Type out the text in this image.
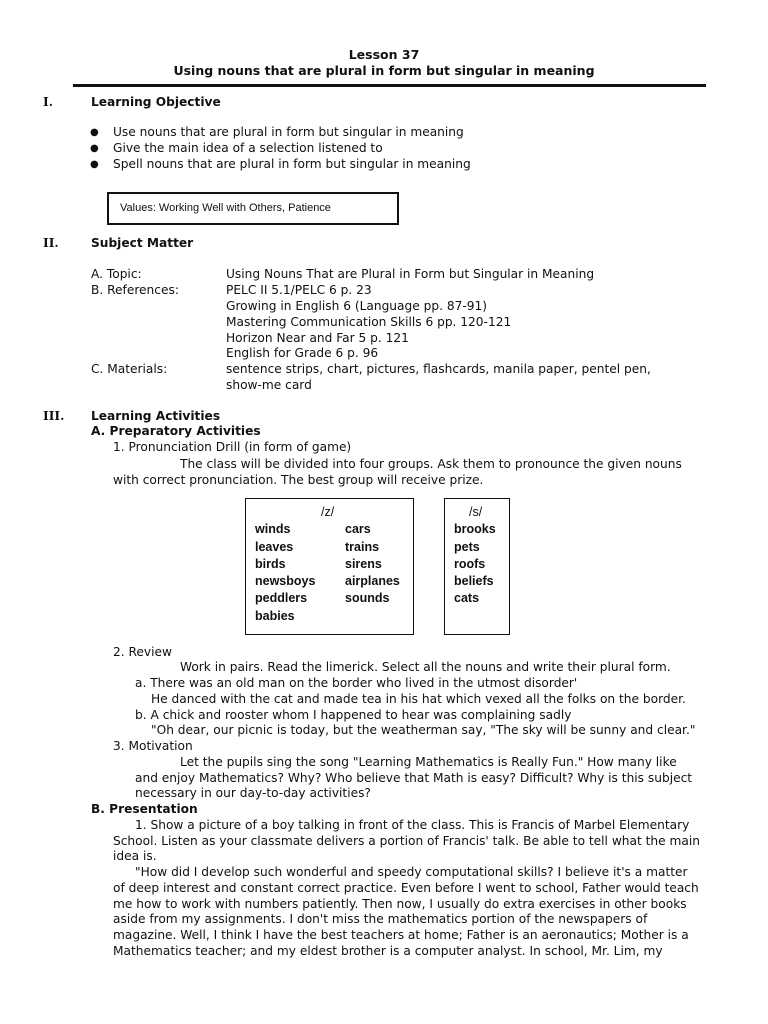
Lesson 37
Using nouns that are plural in form but singular in meaning
I.	Learning Objective
● Use nouns that are plural in form but singular in meaning
● Give the main idea of a selection listened to
● Spell nouns that are plural in form but singular in meaning
Values: Working Well with Others, Patience
II.	Subject Matter
A. Topic:	Using Nouns That are Plural in Form but Singular in Meaning
B. References:	PELC II 5.1/PELC 6 p. 23
Growing in English 6 (Language pp. 87-91)
Mastering Communication Skills 6 pp. 120-121
Horizon Near and Far 5 p. 121
English for Grade 6 p. 96
C. Materials:	sentence strips, chart, pictures, flashcards, manila paper, pentel pen,
show-me card
III. Learning Activities
A. Preparatory Activities
1. Pronunciation Drill (in form of game)
The class will be divided into four groups. Ask them to pronounce the given nouns
with correct pronunciation. The best group will receive prize.
/z/
winds
leaves
birds
newsboys
peddlers
babies
cars
trains
sirens
airplanes
sounds
/s/
brooks
pets
roofs
beliefs
cats
2. Review
Work in pairs. Read the limerick. Select all the nouns and write their plural form.
a. There was an old man on the border who lived in the utmost disorder'
He danced with the cat and made tea in his hat which vexed all the folks on the border.
b. A chick and rooster whom I happened to hear was complaining sadly
"Oh dear, our picnic is today, but the weatherman say, "The sky will be sunny and clear."
3. Motivation
Let the pupils sing the song "Learning Mathematics is Really Fun." How many like
and enjoy Mathematics? Why? Who believe that Math is easy? Difficult? Why is this subject
necessary in our day-to-day activities?
B. Presentation
1. Show a picture of a boy talking in front of the class. This is Francis of Marbel Elementary
School. Listen as your classmate delivers a portion of Francis' talk. Be able to tell what the main
idea is.
"How did I develop such wonderful and speedy computational skills? I believe it's a matter
of deep interest and constant correct practice. Even before I went to school, Father would teach
me how to work with numbers patiently. Then now, I usually do extra exercises in other books
aside from my assignments. I don't miss the mathematics portion of the newspapers of
magazine. Well, I think I have the best teachers at home; Father is an aeronautics; Mother is a
Mathematics teacher; and my eldest brother is a computer analyst. In school, Mr. Lim, my
